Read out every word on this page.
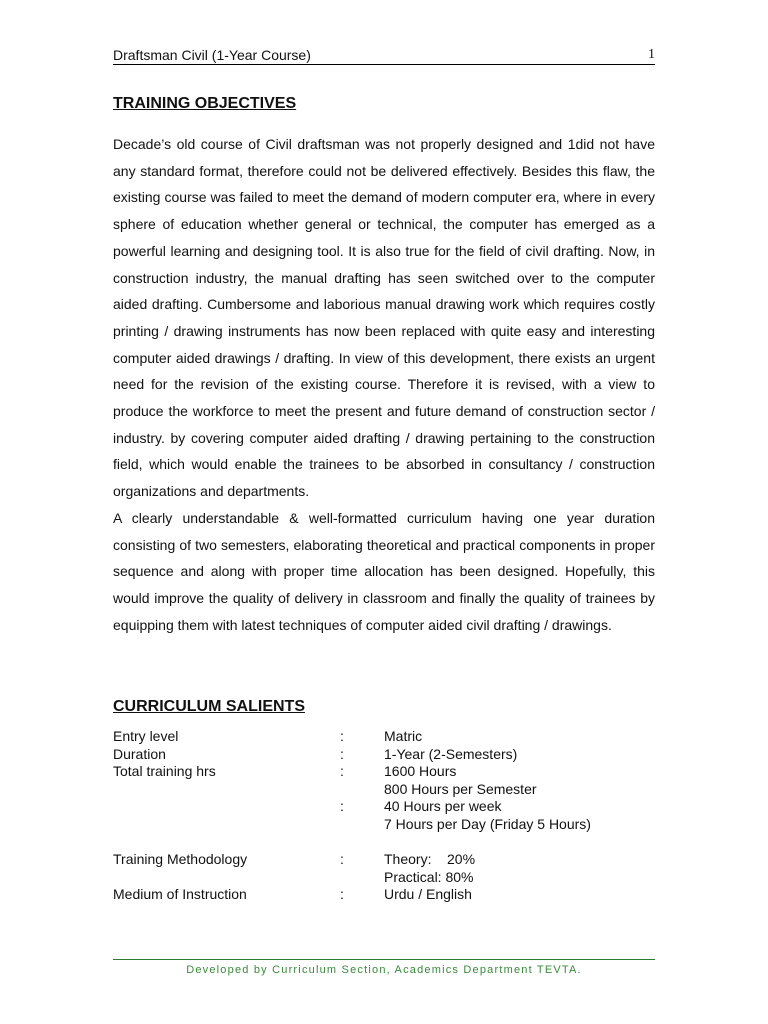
Draftsman Civil (1-Year Course)	1
TRAINING OBJECTIVES

Decade’s old course of Civil draftsman was not properly designed and 1did not have any standard format, therefore could not be delivered effectively. Besides this flaw, the existing course was failed to meet the demand of modern computer era, where in every sphere of education whether general or technical, the computer has emerged as a powerful learning and designing tool. It is also true for the field of civil drafting. Now, in construction industry, the manual drafting has seen switched over to the computer aided drafting. Cumbersome and laborious manual drawing work which requires costly printing / drawing instruments has now been replaced with quite easy and interesting computer aided drawings / drafting. In view of this development, there exists an urgent need for the revision of the existing course. Therefore it is revised, with a view to produce the workforce to meet the present and future demand of construction sector / industry. by covering computer aided drafting / drawing pertaining to the construction field, which would enable the trainees to be absorbed in consultancy / construction organizations and departments.

A clearly understandable & well-formatted curriculum having one year duration consisting of two semesters, elaborating theoretical and practical components in proper sequence and along with proper time allocation has been designed. Hopefully, this would improve the quality of delivery in classroom and finally the quality of trainees by equipping them with latest techniques of computer aided civil drafting / drawings.

CURRICULUM SALIENTS
Entry level	:	Matric
Duration	:	1-Year (2-Semesters)
Total training hrs	:	1600 Hours
800 Hours per Semester
:	40 Hours per week
7 Hours per Day (Friday 5 Hours)
Training Methodology	:	Theory:    20%
Practical: 80%
Medium of Instruction	:	Urdu / English
Developed by Curriculum Section, Academics Department TEVTA.
